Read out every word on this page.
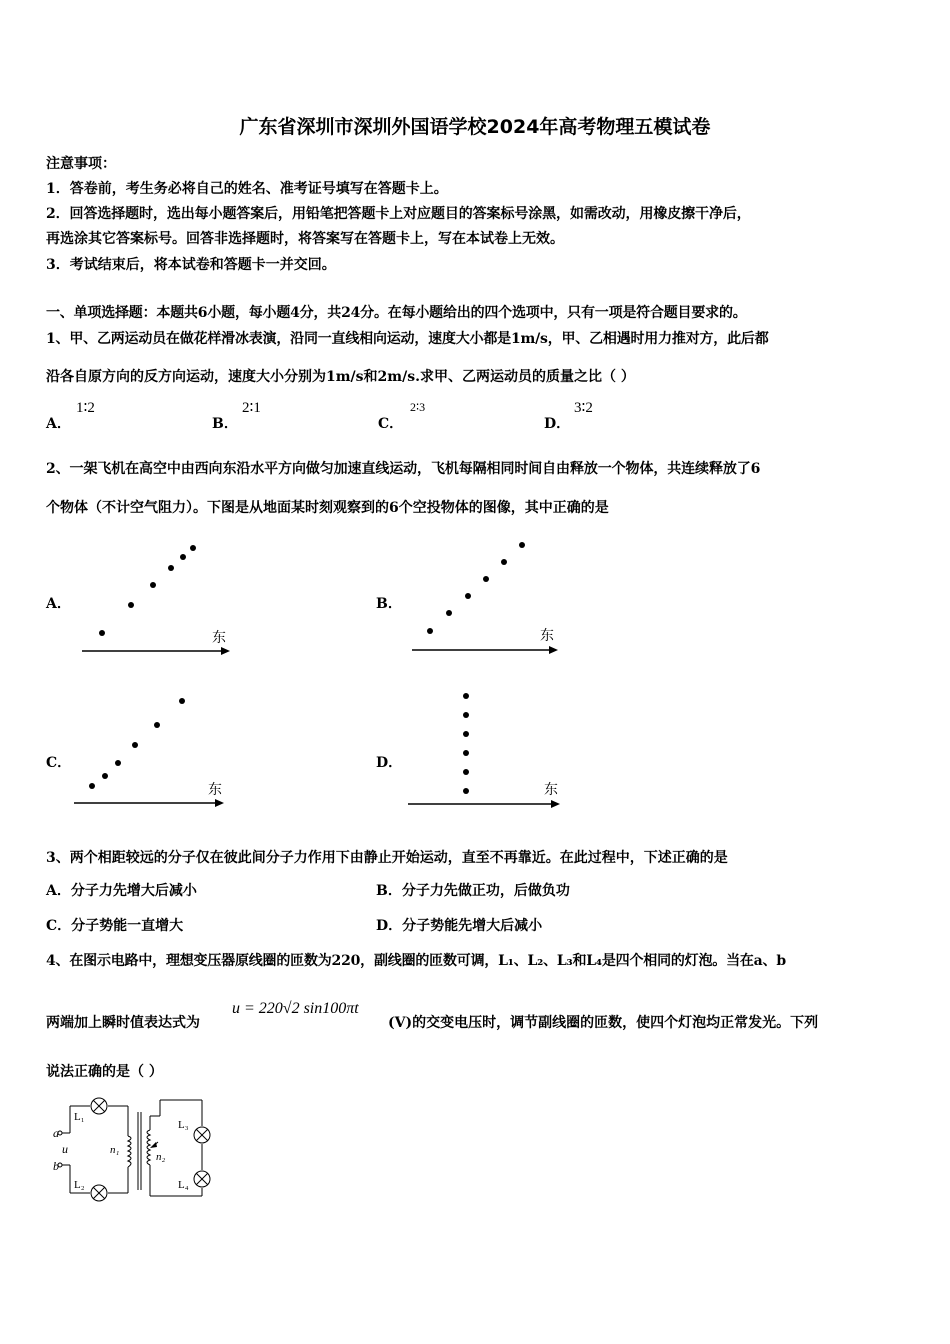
广东省深圳市深圳外国语学校2024年高考物理五模试卷
注意事项：
1．答卷前，考生务必将自己的姓名、准考证号填写在答题卡上。
2．回答选择题时，选出每小题答案后，用铅笔把答题卡上对应题目的答案标号涂黑，如需改动，用橡皮擦干净后，
再选涂其它答案标号。回答非选择题时，将答案写在答题卡上，写在本试卷上无效。
3．考试结束后，将本试卷和答题卡一并交回。
一、单项选择题：本题共6小题，每小题4分，共24分。在每小题给出的四个选项中，只有一项是符合题目要求的。
1、甲、乙两运动员在做花样滑冰表演，沿同一直线相向运动，速度大小都是1m/s，甲、乙相遇时用力推对方，此后都
沿各自原方向的反方向运动，速度大小分别为1m/s和2m/s.求甲、乙两运动员的质量之比（ ）
A．
1∶2
B．
2∶1
C．
2∶3
D．
3∶2
2、一架飞机在高空中由西向东沿水平方向做匀加速直线运动，飞机每隔相同时间自由释放一个物体，共连续释放了6
个物体（不计空气阻力）。下图是从地面某时刻观察到的6个空投物体的图像，其中正确的是
A．
东
B．
东
C．
东
D．
东
3、两个相距较远的分子仅在彼此间分子力作用下由静止开始运动，直至不再靠近。在此过程中，下述正确的是
A．分子力先增大后减小	B．分子力先做正功，后做负功
C．分子势能一直增大	D．分子势能先增大后减小
4、在图示电路中，理想变压器原线圈的匝数为220，副线圈的匝数可调，L₁、L₂、L₃和L₄是四个相同的灯泡。当在a、b
两端加上瞬时值表达式为
u = 220√2 sin100πt
(V)的交变电压时，调节副线圈的匝数，使四个灯泡均正常发光。下列
说法正确的是（ ）
L₁
L₂
L₃
L₄
a
b
u	n₁
n₂
